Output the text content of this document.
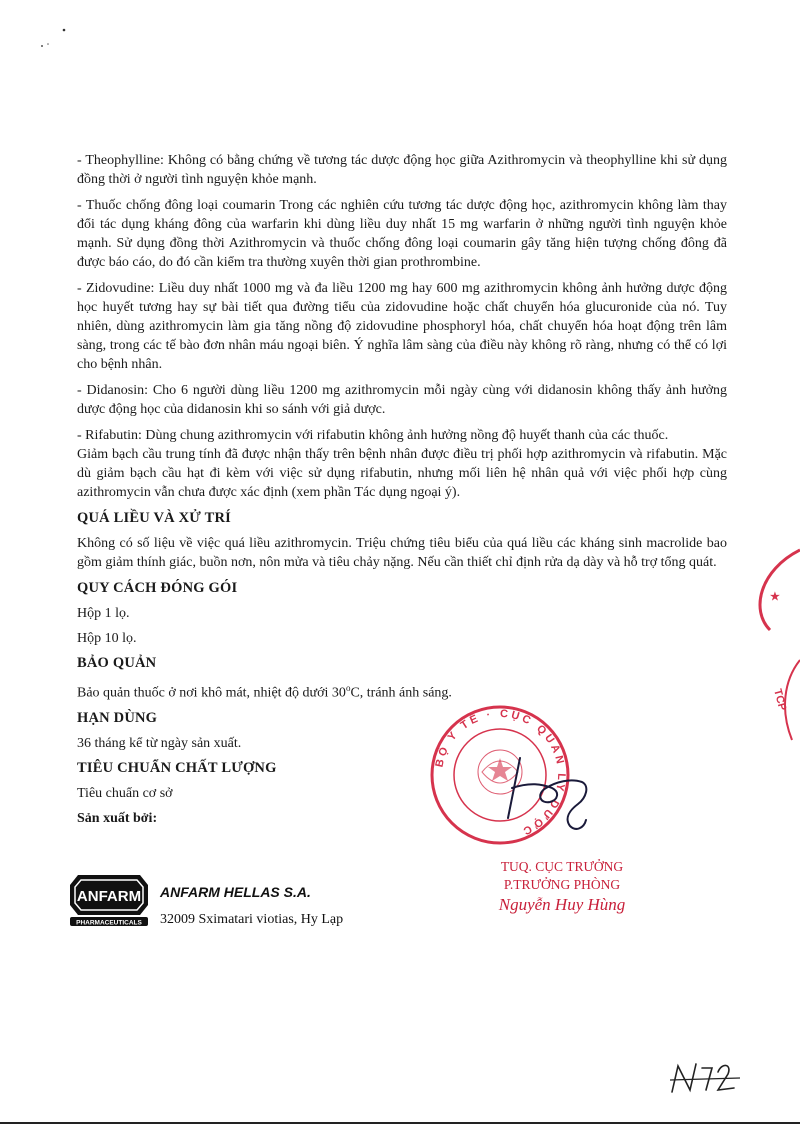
- Theophylline: Không có bằng chứng về tương tác dược động học giữa Azithromycin và theophylline khi sử dụng đồng thời ở người tình nguyện khỏe mạnh.

- Thuốc chống đông loại coumarin Trong các nghiên cứu tương tác dược động học, azithromycin không làm thay đổi tác dụng kháng đông của warfarin khi dùng liều duy nhất 15 mg warfarin ở những người tình nguyện khỏe mạnh. Sử dụng đồng thời Azithromycin và thuốc chống đông loại coumarin gây tăng hiện tượng chống đông đã được báo cáo, do đó cần kiểm tra thường xuyên thời gian prothrombine.

- Zidovudine: Liều duy nhất 1000 mg và đa liều 1200 mg hay 600 mg azithromycin không ảnh hưởng dược động học huyết tương hay sự bài tiết qua đường tiểu của zidovudine hoặc chất chuyển hóa glucuronide của nó. Tuy nhiên, dùng azithromycin làm gia tăng nồng độ zidovudine phosphoryl hóa, chất chuyển hóa hoạt động trên lâm sàng, trong các tế bào đơn nhân máu ngoại biên. Ý nghĩa lâm sàng của điều này không rõ ràng, nhưng có thể có lợi cho bệnh nhân.

- Didanosin: Cho 6 người dùng liều 1200 mg azithromycin mỗi ngày cùng với didanosin không thấy ảnh hưởng dược động học của didanosin khi so sánh với giả dược.

- Rifabutin: Dùng chung azithromycin với rifabutin không ảnh hưởng nồng độ huyết thanh của các thuốc.

Giảm bạch cầu trung tính đã được nhận thấy trên bệnh nhân được điều trị phối hợp azithromycin và rifabutin. Mặc dù giảm bạch cầu hạt đi kèm với việc sử dụng rifabutin, nhưng mối liên hệ nhân quả với việc phối hợp cùng azithromycin vẫn chưa được xác định (xem phần Tác dụng ngoại ý).

QUÁ LIỀU VÀ XỬ TRÍ

Không có số liệu về việc quá liều azithromycin. Triệu chứng tiêu biểu của quá liều các kháng sinh macrolide bao gồm giảm thính giác, buồn nơn, nôn mửa và tiêu chảy nặng. Nếu cần thiết chỉ định rửa dạ dày và hỗ trợ tổng quát.

QUY CÁCH ĐÓNG GÓI

Hộp 1 lọ.

Hộp 10 lọ.

BẢO QUẢN

Bảo quản thuốc ở nơi khô mát, nhiệt độ dưới 30$^o$C, tránh ánh sáng.

HẠN DÙNG

36 tháng kể từ ngày sản xuất.

TIÊU CHUẨN CHẤT LƯỢNG

Tiêu chuẩn cơ sở

Sản xuất bởi:

ANFARM
PHARMACEUTICALS
ANFARM HELLAS S.A.
32009 Sximatari viotias, Hy Lạp
BỘ Y TẾ · CỤC QUẢN LÝ DƯỢC
TUQ. CỤC TRƯỞNG
P.TRƯỞNG PHÒNG
Nguyễn Huy Hùng
★
TCP
